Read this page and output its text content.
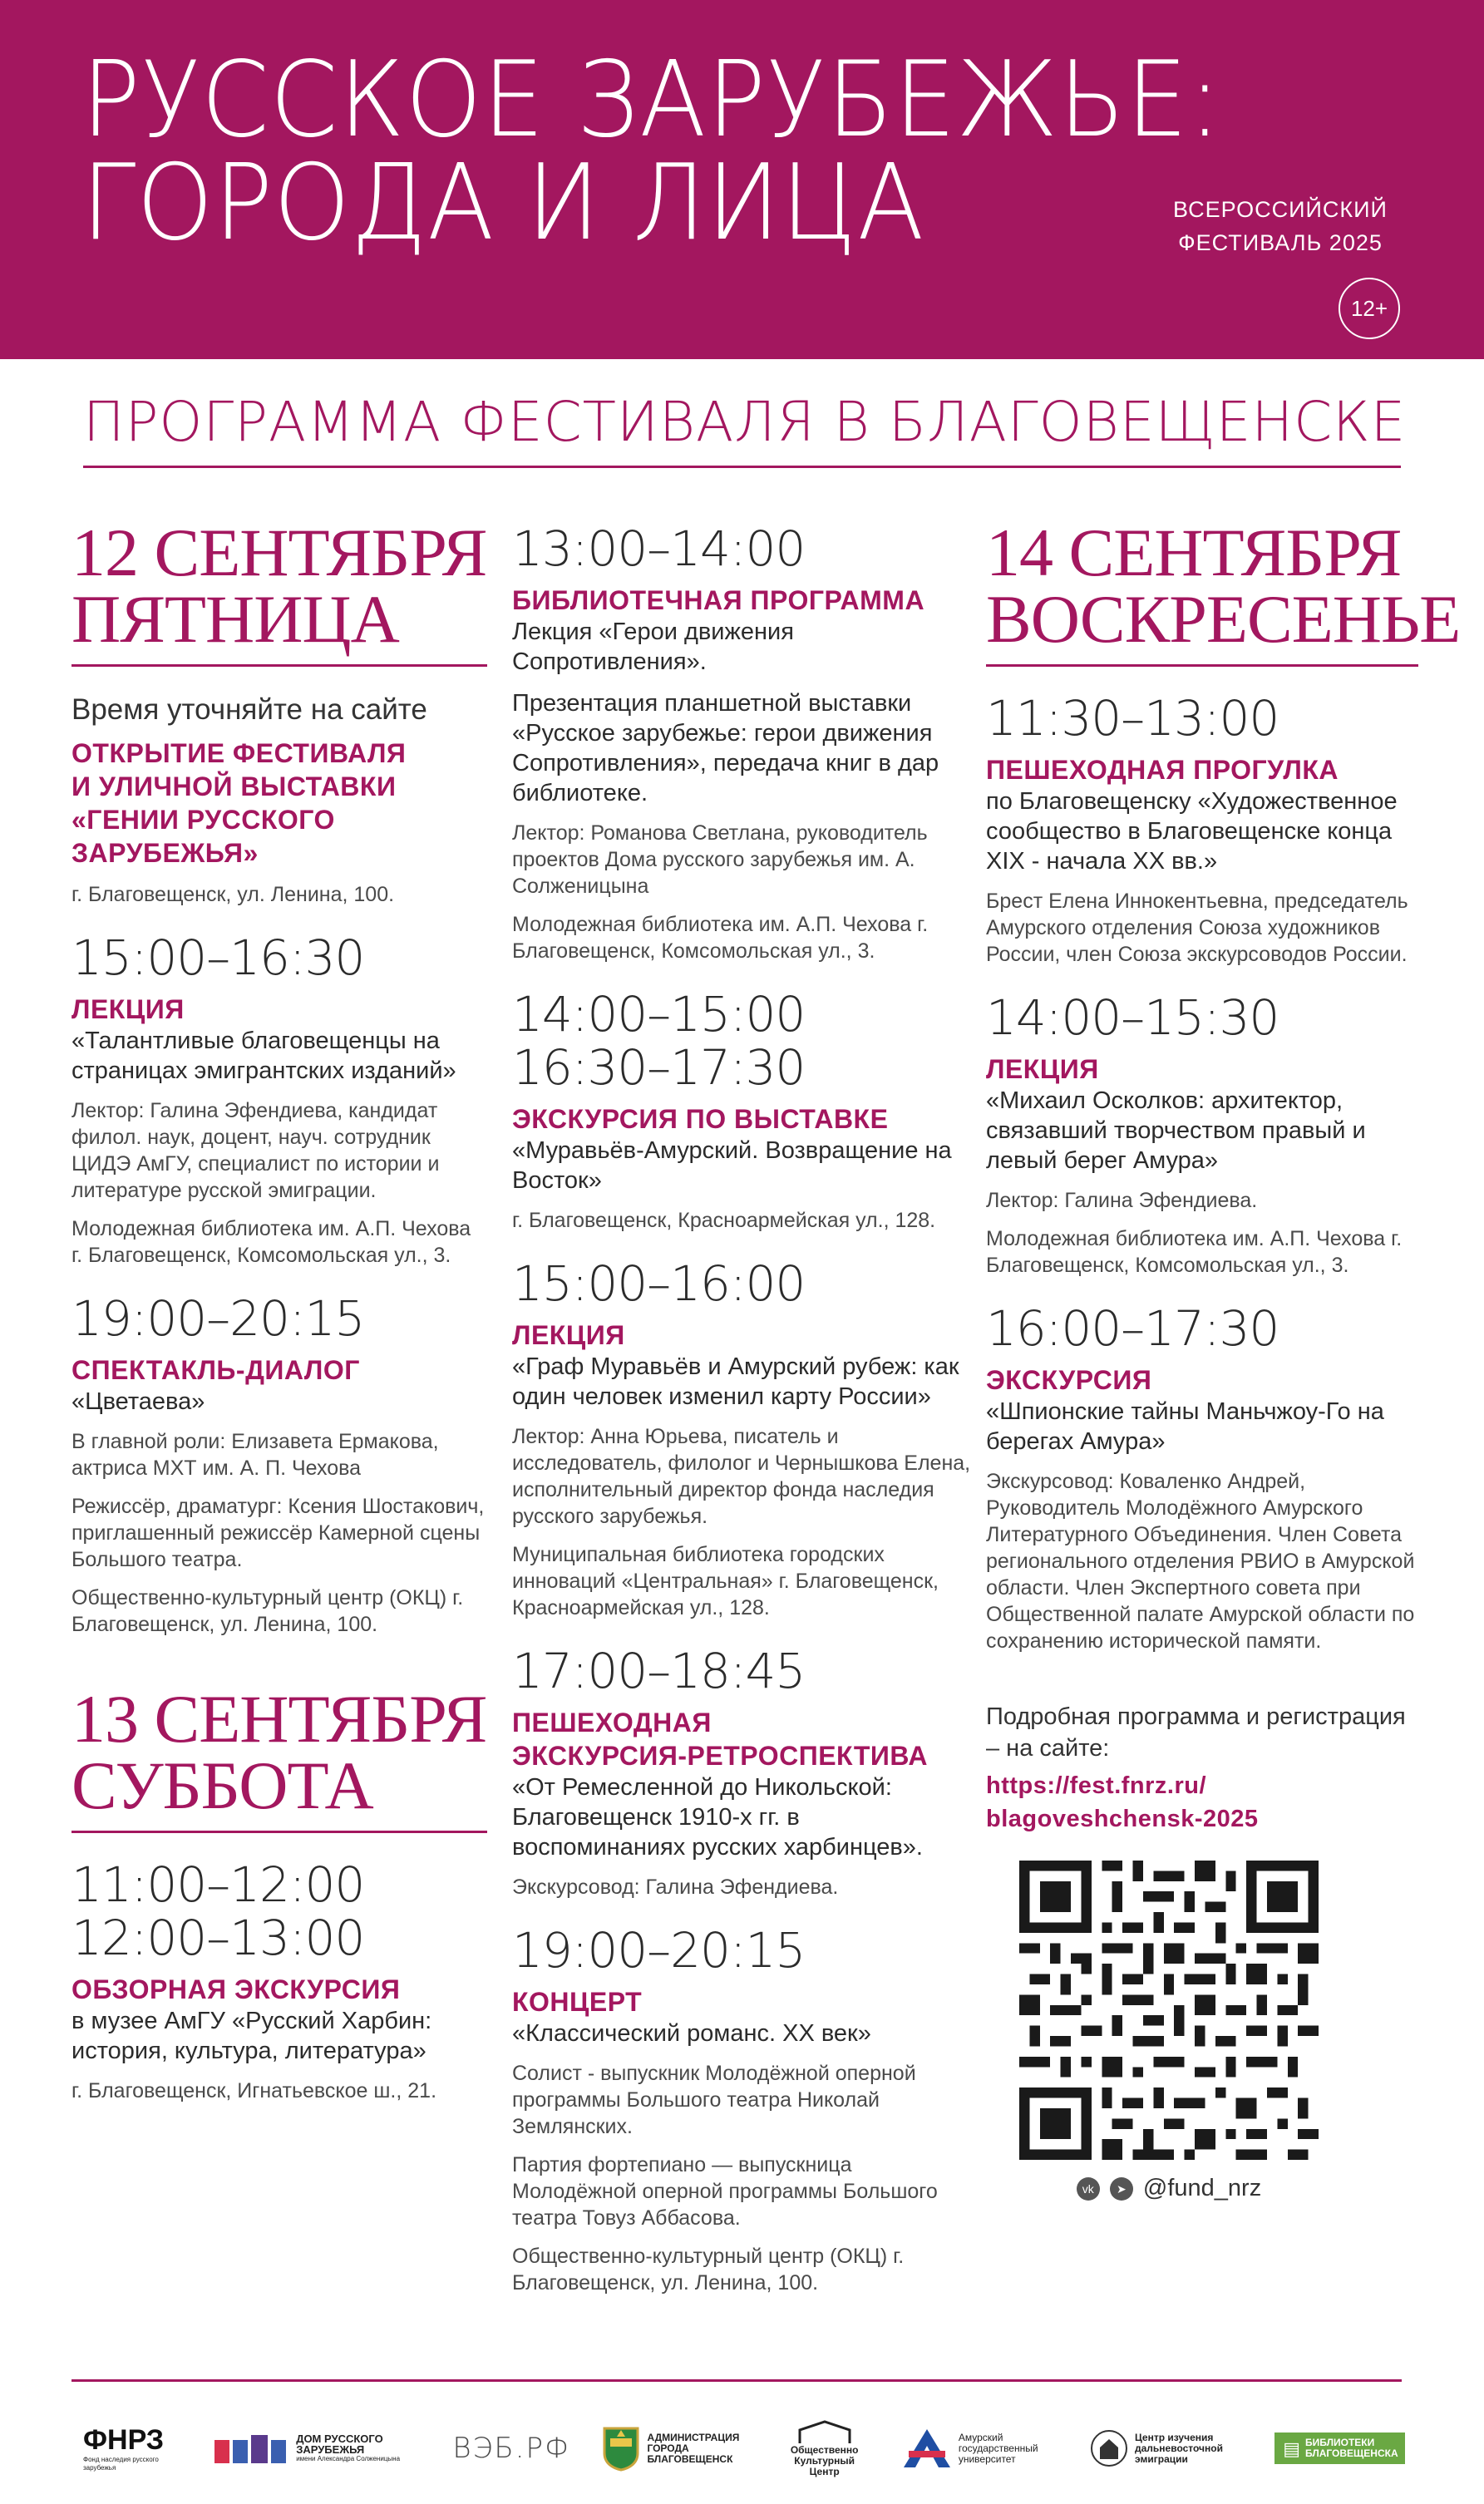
РУССКОЕ ЗАРУБЕЖЬЕ:
ГОРОДА И ЛИЦА	ВСЕРОССИЙСКИЙ
ФЕСТИВАЛЬ 2025
12+
ПРОГРАММА ФЕСТИВАЛЯ В БЛАГОВЕЩЕНСКЕ
12 СЕНТЯБРЯ
ПЯТНИЦА
Время уточняйте на сайте
ОТКРЫТИЕ ФЕСТИВАЛЯ
И УЛИЧНОЙ ВЫСТАВКИ
«ГЕНИИ РУССКОГО
ЗАРУБЕЖЬЯ»
г. Благовещенск, ул. Ленина, 100.
15:00–16:30
ЛЕКЦИЯ
«Талантливые благовещенцы на страницах эмигрантских изданий»
Лектор: Галина Эфендиева, кандидат филол. наук, доцент, науч. сотрудник ЦИДЭ АмГУ, специалист по истории и литературе русской эмиграции.
Молодежная библиотека им. А.П. Чехова г. Благовещенск, Комсомольская ул., 3.
19:00–20:15
СПЕКТАКЛЬ-ДИАЛОГ
«Цветаева»
В главной роли: Елизавета Ермакова, актриса МХТ им. А. П. Чехова
Режиссёр, драматург: Ксения Шостакович, приглашенный режиссёр Камерной сцены Большого театра.
Общественно-культурный центр (ОКЦ) г. Благовещенск, ул. Ленина, 100.
13 СЕНТЯБРЯ
СУББОТА
11:00–12:00
12:00–13:00
ОБЗОРНАЯ ЭКСКУРСИЯ
в музее АмГУ «Русский Харбин: история, культура, литература»
г. Благовещенск, Игнатьевское ш., 21.
13:00–14:00
БИБЛИОТЕЧНАЯ ПРОГРАММА
Лекция «Герои движения Сопротивления».
Презентация планшетной выставки «Русское зарубежье: герои движения Сопротивления», передача книг в дар библиотеке.
Лектор: Романова Светлана, руководитель проектов Дома русского зарубежья им. А. Солженицына
Молодежная библиотека им. А.П. Чехова г. Благовещенск, Комсомольская ул., 3.
14:00–15:00
16:30–17:30
ЭКСКУРСИЯ ПО ВЫСТАВКЕ
«Муравьёв-Амурский. Возвращение на Восток»
г. Благовещенск, Красноармейская ул., 128.
15:00–16:00
ЛЕКЦИЯ
«Граф Муравьёв и Амурский рубеж: как один человек изменил карту России»
Лектор: Анна Юрьева, писатель и исследователь, филолог и Чернышкова Елена, исполнительный директор фонда наследия русского зарубежья.
Муниципальная библиотека городских инноваций «Центральная» г. Благовещенск, Красноармейская ул., 128.
17:00–18:45
ПЕШЕХОДНАЯ
ЭКСКУРСИЯ-РЕТРОСПЕКТИВА
«От Ремесленной до Никольской: Благовещенск 1910-х гг. в воспоминаниях русских харбинцев».
Экскурсовод: Галина Эфендиева.
19:00–20:15
КОНЦЕРТ
«Классический романс. XX век»
Солист - выпускник Молодёжной оперной программы Большого театра Николай Землянских.
Партия фортепиано — выпускница Молодёжной оперной программы Большого театра Товуз Аббасова.
Общественно-культурный центр (ОКЦ) г. Благовещенск, ул. Ленина, 100.
14 СЕНТЯБРЯ
ВОСКРЕСЕНЬЕ
11:30–13:00
ПЕШЕХОДНАЯ ПРОГУЛКА
по Благовещенску «Художественное сообщество в Благовещенске конца XIX - начала XX вв.»
Брест Елена Иннокентьевна, председатель Амурского отделения Союза художников России, член Союза экскурсоводов России.
14:00–15:30
ЛЕКЦИЯ
«Михаил Осколков: архитектор, связавший творчеством правый и левый берег Амура»
Лектор: Галина Эфендиева.
Молодежная библиотека им. А.П. Чехова г. Благовещенск, Комсомольская ул., 3.
16:00–17:30
ЭКСКУРСИЯ
«Шпионские тайны Маньчжоу-Го на берегах Амура»
Экскурсовод: Коваленко Андрей, Руководитель Молодёжного Амурского Литературного Объединения. Член Совета регионального отделения РВИО в Амурской области. Член Экспертного совета при Общественной палате Амурской области по сохранению исторической памяти.
Подробная программа и регистрация – на сайте:
https://fest.fnrz.ru/
blagoveshchensk-2025
vk ➤ @fund_nrz
ФНРЗ
Фонд наследия русского зарубежья
ДОМ РУССКОГО ЗАРУБЕЖЬЯ
имени Александра Солженицына	ВЭБ.РФ	АДМИНИСТРАЦИЯ ГОРОДА БЛАГОВЕЩЕНСК
Общественно Культурный Центр
Амурский государственный университет
Центр изучения дальневосточной эмиграции	▤ БИБЛИОТЕКИ БЛАГОВЕЩЕНСКА
